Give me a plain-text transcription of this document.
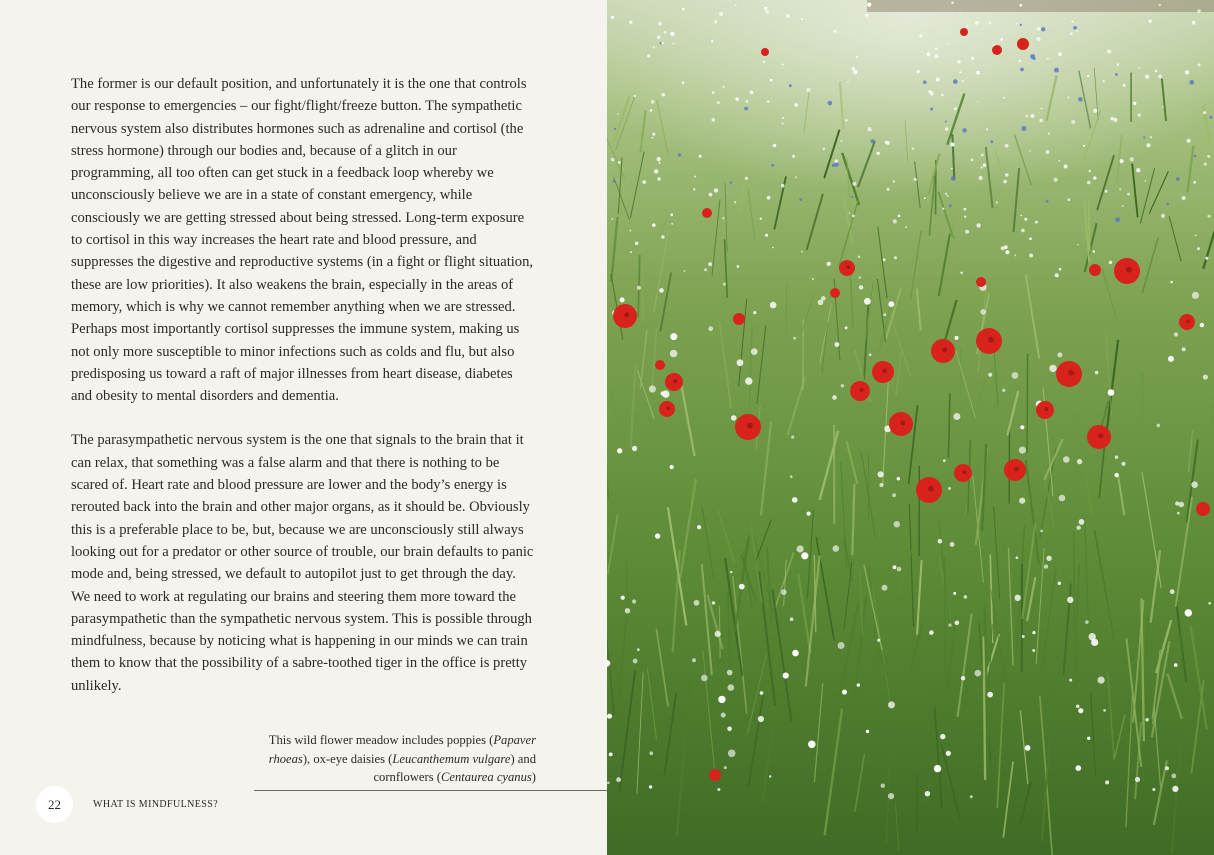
The former is our default position, and unfortunately it is the one that controls our response to emergencies – our fight/flight/freeze button. The sympathetic nervous system also distributes hormones such as adrenaline and cortisol (the stress hormone) through our bodies and, because of a glitch in our programming, all too often can get stuck in a feedback loop whereby we unconsciously believe we are in a state of constant emergency, while consciously we are getting stressed about being stressed. Long-term exposure to cortisol in this way increases the heart rate and blood pressure, and suppresses the digestive and reproductive systems (in a fight or flight situation, these are low priorities). It also weakens the brain, especially in the areas of memory, which is why we cannot remember anything when we are stressed. Perhaps most importantly cortisol suppresses the immune system, making us not only more susceptible to minor infections such as colds and flu, but also predisposing us toward a raft of major illnesses from heart disease, diabetes and obesity to mental disorders and dementia.

The parasympathetic nervous system is the one that signals to the brain that it can relax, that something was a false alarm and that there is nothing to be scared of. Heart rate and blood pressure are lower and the body’s energy is rerouted back into the brain and other major organs, as it should be. Obviously this is a preferable place to be, but, because we are unconsciously still always looking out for a predator or other source of trouble, our brain defaults to panic mode and, being stressed, we default to autopilot just to get through the day. We need to work at regulating our brains and steering them more toward the parasympathetic than the sympathetic nervous system. This is possible through mindfulness, because by noticing what is happening in our minds we can train them to know that the possibility of a sabre-toothed tiger in the office is pretty unlikely.

This wild flower meadow includes poppies (Papaver rhoeas), ox-eye daisies (Leucanthemum vulgare) and cornflowers (Centaurea cyanus)
22	WHAT IS MINDFULNESS?
